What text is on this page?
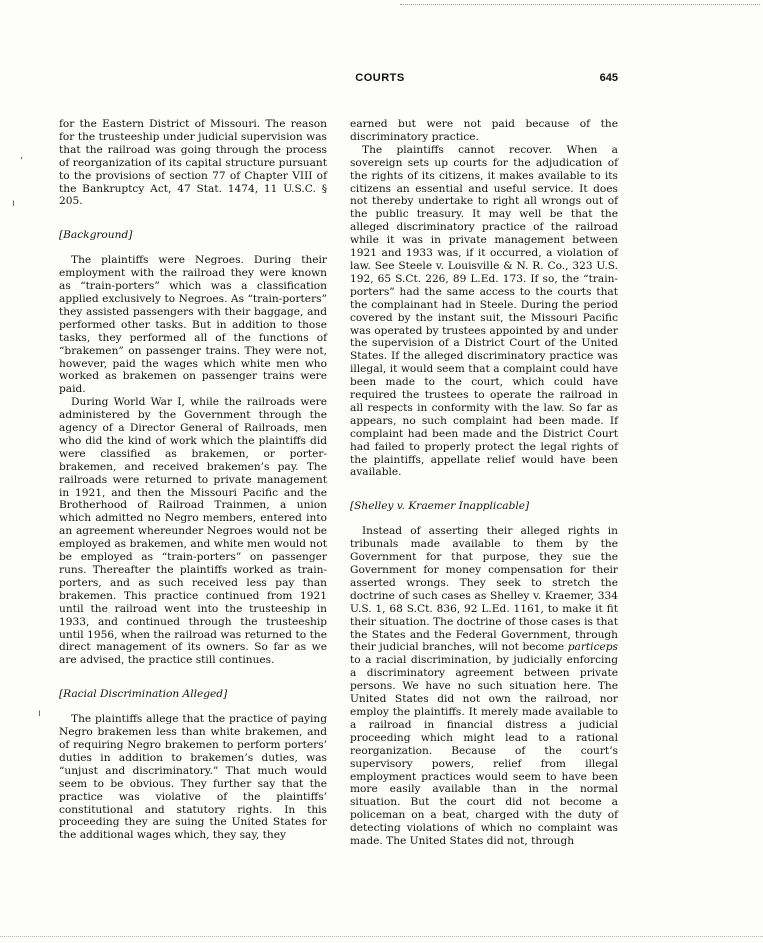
COURTS	645
’
ı
ı

for the Eastern District of Missouri. The reason for the trusteeship under judicial supervision was that the railroad was going through the process of reorganization of its capital structure pursuant to the provisions of section 77 of Chapter VIII of the Bankruptcy Act, 47 Stat. 1474, 11 U.S.C. § 205.

[Background]

The plaintiffs were Negroes. During their employment with the railroad they were known as “train-porters” which was a classification applied exclusively to Negroes. As “train-porters” they assisted passengers with their baggage, and performed other tasks. But in addition to those tasks, they performed all of the functions of “brakemen” on passenger trains. They were not, however, paid the wages which white men who worked as brakemen on passenger trains were paid.

During World War I, while the railroads were administered by the Government through the agency of a Director General of Railroads, men who did the kind of work which the plaintiffs did were classified as brakemen, or porter-brakemen, and received brakemen’s pay. The railroads were returned to private management in 1921, and then the Missouri Pacific and the Brotherhood of Railroad Trainmen, a union which admitted no Negro members, entered into an agreement whereunder Negroes would not be employed as brakemen, and white men would not be employed as “train-porters” on passenger runs. Thereafter the plaintiffs worked as train-porters, and as such received less pay than brakemen. This practice continued from 1921 until the railroad went into the trusteeship in 1933, and continued through the trusteeship until 1956, when the railroad was returned to the direct management of its owners. So far as we are advised, the practice still continues.

[Racial Discrimination Alleged]

The plaintiffs allege that the practice of paying Negro brakemen less than white brakemen, and of requiring Negro brakemen to perform porters’ duties in addition to brakemen’s duties, was “unjust and discriminatory.” That much would seem to be obvious. They further say that the practice was violative of the plaintiffs’ constitutional and statutory rights. In this proceeding they are suing the United States for the additional wages which, they say, they

earned but were not paid because of the discriminatory practice.

The plaintiffs cannot recover. When a sovereign sets up courts for the adjudication of the rights of its citizens, it makes available to its citizens an essential and useful service. It does not thereby undertake to right all wrongs out of the public treasury. It may well be that the alleged discriminatory practice of the railroad while it was in private management between 1921 and 1933 was, if it occurred, a violation of law. See Steele v. Louisville & N. R. Co., 323 U.S. 192, 65 S.Ct. 226, 89 L.Ed. 173. If so, the “train-porters” had the same access to the courts that the complainant had in Steele. During the period covered by the instant suit, the Missouri Pacific was operated by trustees appointed by and under the supervision of a District Court of the United States. If the alleged discriminatory practice was illegal, it would seem that a complaint could have been made to the court, which could have required the trustees to operate the railroad in all respects in conformity with the law. So far as appears, no such complaint had been made. If complaint had been made and the District Court had failed to properly protect the legal rights of the plaintiffs, appellate relief would have been available.

[Shelley v. Kraemer Inapplicable]

Instead of asserting their alleged rights in tribunals made available to them by the Government for that purpose, they sue the Government for money compensation for their asserted wrongs. They seek to stretch the doctrine of such cases as Shelley v. Kraemer, 334 U.S. 1, 68 S.Ct. 836, 92 L.Ed. 1161, to make it fit their situation. The doctrine of those cases is that the States and the Federal Government, through their judicial branches, will not become particeps to a racial discrimination, by judicially enforcing a discriminatory agreement between private persons. We have no such situation here. The United States did not own the railroad, nor employ the plaintiffs. It merely made available to a railroad in financial distress a judicial proceeding which might lead to a rational reorganization. Because of the court’s supervisory powers, relief from illegal employment practices would seem to have been more easily available than in the normal situation. But the court did not become a policeman on a beat, charged with the duty of detecting violations of which no complaint was made. The United States did not, through
